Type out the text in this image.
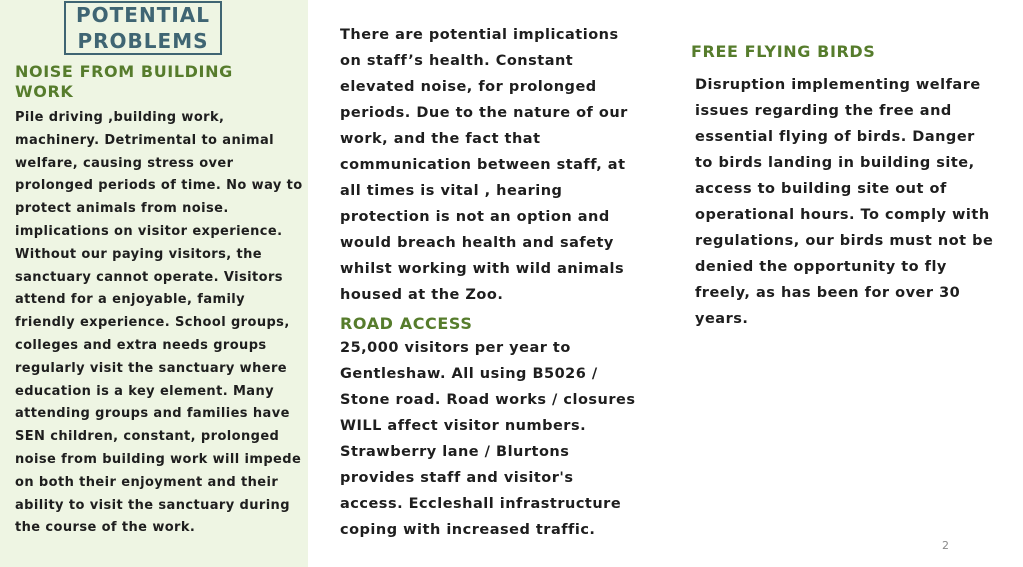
POTENTIAL
PROBLEMS
NOISE FROM BUILDING WORK

Pile driving ,building work, machinery. Detrimental to animal welfare, causing stress over prolonged periods of time. No way to protect animals from noise. implications on visitor experience. Without our paying visitors, the sanctuary cannot operate. Visitors attend for a enjoyable, family friendly experience. School groups, colleges and extra needs groups regularly visit the sanctuary where education is a key element. Many attending groups and families have SEN children, constant, prolonged noise from building work will impede on both their enjoyment and their ability to visit the sanctuary during the course of the work.

There are potential implications on staff’s health. Constant elevated noise, for prolonged periods. Due to the nature of our work, and the fact that communication between staff, at all times is vital , hearing protection is not an option and would breach health and safety whilst working with wild animals housed at the Zoo.

ROAD ACCESS

25,000 visitors per year to Gentleshaw. All using B5026 / Stone road. Road works / closures WILL affect visitor numbers. Strawberry lane / Blurtons provides staff and visitor's access. Eccleshall infrastructure coping with increased traffic.

FREE FLYING BIRDS

Disruption implementing welfare issues regarding the free and essential flying of birds. Danger to birds landing in building site, access to building site out of operational hours. To comply with regulations, our birds must not be denied the opportunity to fly freely, as has been for over 30 years.

2
